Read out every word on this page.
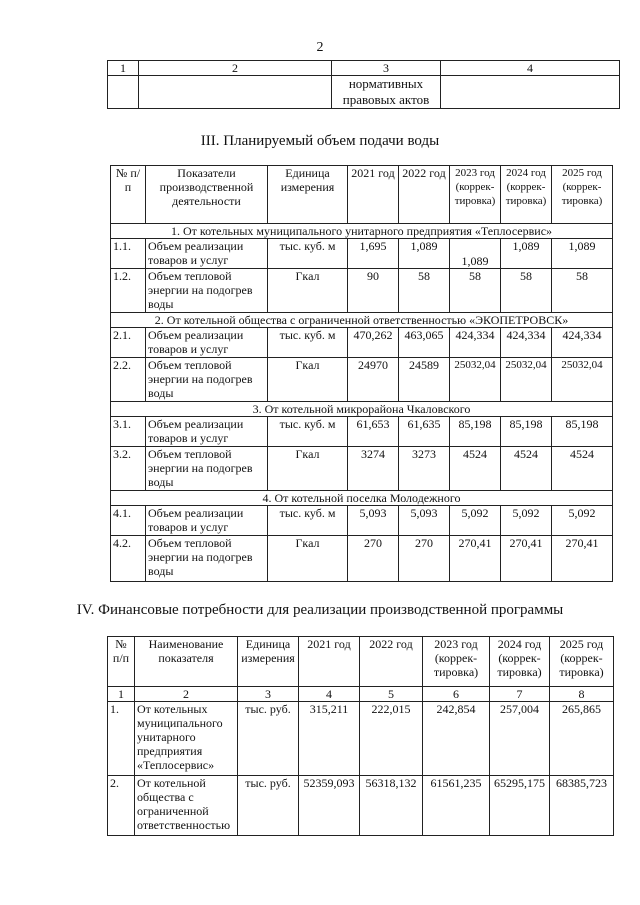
2
1	2	3	4
		нормативных правовых актов	
III. Планируемый объем подачи воды
№ п/п	Показатели производственной деятельности	Единица измерения	2021 год	2022 год	2023 год (коррек-тировка)	2024 год (коррек-тировка)	2025 год (коррек-тировка)
1. От котельных муниципального унитарного предприятия «Теплосервис»							
1.1.	Объем реализации товаров и услуг	тыс. куб. м	1,695	1,089	1,089	1,089	1,089
1.2.	Объем тепловой энергии на подогрев воды	Гкал	90	58	58	58	58
2. От котельной общества с ограниченной ответственностью «ЭКОПЕТРОВСК»							
2.1.	Объем реализации товаров и услуг	тыс. куб. м	470,262	463,065	424,334	424,334	424,334
2.2.	Объем тепловой энергии на подогрев воды	Гкал	24970	24589	25032,04	25032,04	25032,04
3. От котельной микрорайона Чкаловского							
3.1.	Объем реализации товаров и услуг	тыс. куб. м	61,653	61,635	85,198	85,198	85,198
3.2.	Объем тепловой энергии на подогрев воды	Гкал	3274	3273	4524	4524	4524
4. От котельной поселка Молодежного							
4.1.	Объем реализации товаров и услуг	тыс. куб. м	5,093	5,093	5,092	5,092	5,092
4.2.	Объем тепловой энергии на подогрев воды	Гкал	270	270	270,41	270,41	270,41
IV. Финансовые потребности для реализации производственной программы
№ п/п	Наименование показателя	Единица измерения	2021 год	2022 год	2023 год (коррек-тировка)	2024 год (коррек-тировка)	2025 год (коррек-тировка)
1	2	3	4	5	6	7	8
1.	От котельных муниципального унитарного предприятия «Теплосервис»	тыс. руб.	315,211	222,015	242,854	257,004	265,865
2.	От котельной общества с ограниченной ответственностью	тыс. руб.	52359,093	56318,132	61561,235	65295,175	68385,723
